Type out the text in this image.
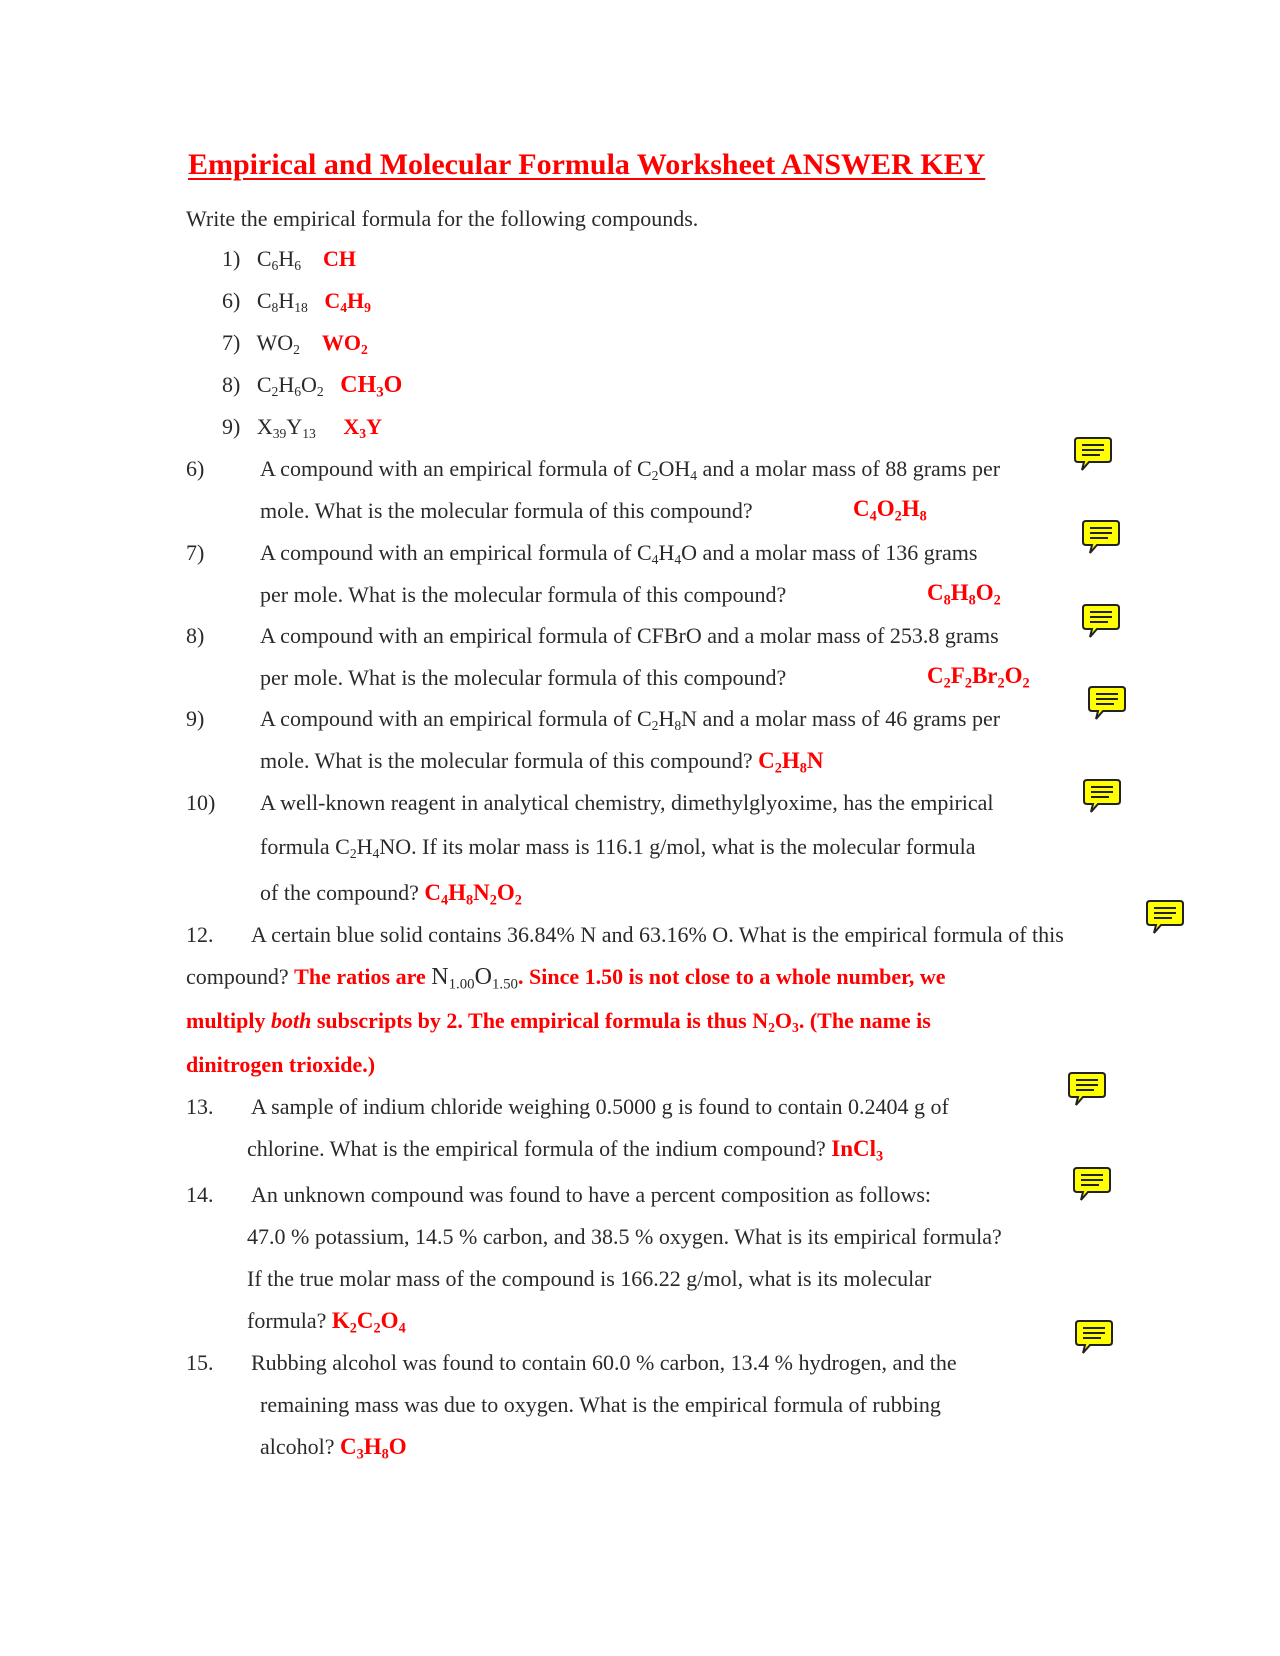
Empirical and Molecular Formula Worksheet ANSWER KEY
Write the empirical formula for the following compounds.
1) $C_6H_6$ CH
6) $C_8H_{18}$ $C_4H_9$
7) $WO_2$ $WO_2$
8) $C_2H_6O_2$ $CH_3O$
9) $X_{39}Y_{13}$ $X_3Y$
6)	A compound with an empirical formula of $C_2OH_4$ and a molar mass of 88 grams per
mole. What is the molecular formula of this compound?	$C_4O_2H_8$
7)	A compound with an empirical formula of $C_4H_4O$ and a molar mass of 136 grams
per mole. What is the molecular formula of this compound?	$C_8H_8O_2$
8)	A compound with an empirical formula of CFBrO and a molar mass of 253.8 grams
per mole. What is the molecular formula of this compound?	$C_2F_2Br_2O_2$
9)	A compound with an empirical formula of $C_2H_8N$ and a molar mass of 46 grams per
mole. What is the molecular formula of this compound? $C_2H_8N$
10) A well-known reagent in analytical chemistry, dimethylglyoxime, has the empirical
formula $C_2H_4NO$. If its molar mass is 116.1 g/mol, what is the molecular formula
of the compound? $C_4H_8N_2O_2$
12. A certain blue solid contains 36.84% N and 63.16% O. What is the empirical formula of this
compound? The ratios are $N_{1.00}O_{1.50}$. Since 1.50 is not close to a whole number, we
multiply both subscripts by 2. The empirical formula is thus $N_2O_3$. (The name is
dinitrogen trioxide.)
13. A sample of indium chloride weighing 0.5000 g is found to contain 0.2404 g of
chlorine. What is the empirical formula of the indium compound? InCl$_3$
14. An unknown compound was found to have a percent composition as follows:
47.0 % potassium, 14.5 % carbon, and 38.5 % oxygen. What is its empirical formula?
If the true molar mass of the compound is 166.22 g/mol, what is its molecular
formula? $K_2C_2O_4$
15. Rubbing alcohol was found to contain 60.0 % carbon, 13.4 % hydrogen, and the
remaining mass was due to oxygen. What is the empirical formula of rubbing
alcohol? $C_3H_8O$
